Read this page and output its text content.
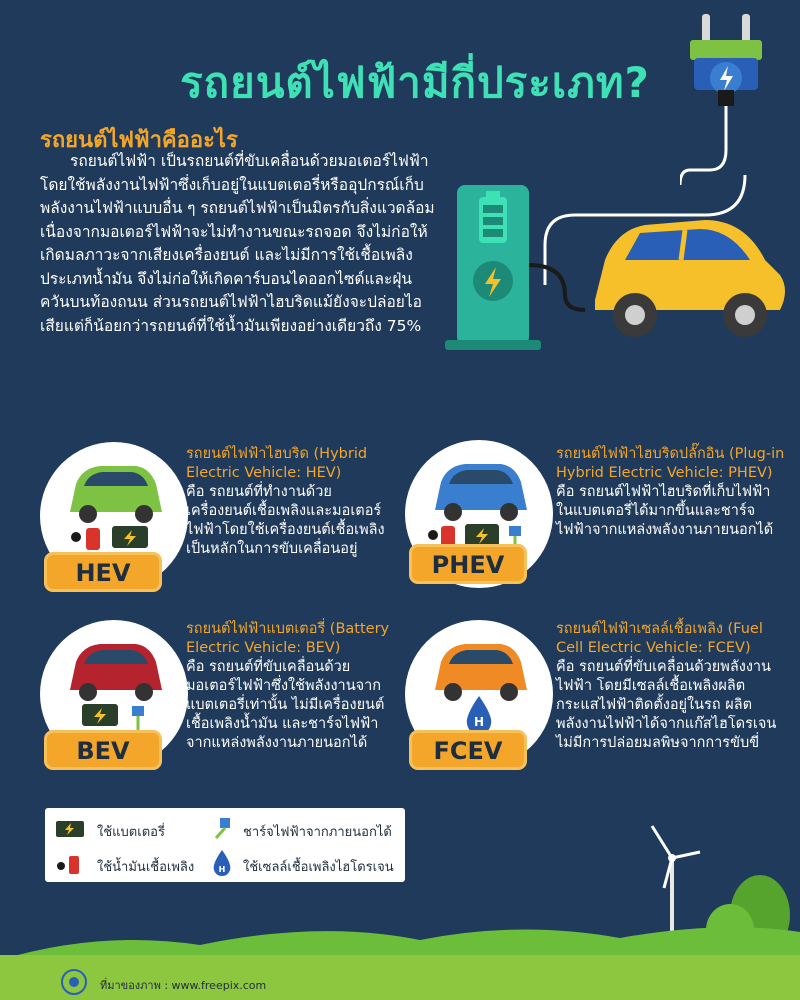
รถยนต์ไฟฟ้ามีกี่ประเภท?
รถยนต์ไฟฟ้าคืออะไร

รถยนต์ไฟฟ้า เป็นรถยนต์ที่ขับเคลื่อนด้วยมอเตอร์ไฟฟ้าโดยใช้พลังงานไฟฟ้าซึ่งเก็บอยู่ในแบตเตอรี่หรืออุปกรณ์เก็บพลังงานไฟฟ้าแบบอื่น ๆ รถยนต์ไฟฟ้าเป็นมิตรกับสิ่งแวดล้อม เนื่องจากมอเตอร์ไฟฟ้าจะไม่ทำงานขณะรถจอด จึงไม่ก่อให้เกิดมลภาวะจากเสียงเครื่องยนต์ และไม่มีการใช้เชื้อเพลิงประเภทน้ำมัน จึงไม่ก่อให้เกิดคาร์บอนไดออกไซด์และฝุ่นควันบนท้องถนน ส่วนรถยนต์ไฟฟ้าไฮบริดแม้ยังจะปล่อยไอเสียแต่ก็น้อยกว่ารถยนต์ที่ใช้น้ำมันเพียงอย่างเดียวถึง 75%

HEV
รถยนต์ไฟฟ้าไฮบริด (Hybrid Electric Vehicle: HEV)
คือ รถยนต์ที่ทำงานด้วยเครื่องยนต์เชื้อเพลิงและมอเตอร์ไฟฟ้าโดยใช้เครื่องยนต์เชื้อเพลิงเป็นหลักในการขับเคลื่อนอยู่
PHEV
รถยนต์ไฟฟ้าไฮบริดปลั๊กอิน (Plug-in Hybrid Electric Vehicle: PHEV)
คือ รถยนต์ไฟฟ้าไฮบริดที่เก็บไฟฟ้าในแบตเตอรี่ได้มากขึ้นและชาร์จไฟฟ้าจากแหล่งพลังงานภายนอกได้
BEV
รถยนต์ไฟฟ้าแบตเตอรี่ (Battery Electric Vehicle: BEV)
คือ รถยนต์ที่ขับเคลื่อนด้วยมอเตอร์ไฟฟ้าซึ่งใช้พลังงานจากแบตเตอรี่เท่านั้น ไม่มีเครื่องยนต์เชื้อเพลิงน้ำมัน และชาร์จไฟฟ้าจากแหล่งพลังงานภายนอกได้
H
FCEV
รถยนต์ไฟฟ้าเซลล์เชื้อเพลิง (Fuel Cell Electric Vehicle: FCEV)
คือ รถยนต์ที่ขับเคลื่อนด้วยพลังงานไฟฟ้า โดยมีเซลล์เชื้อเพลิงผลิตกระแสไฟฟ้าติดตั้งอยู่ในรถ ผลิตพลังงานไฟฟ้าได้จากแก๊สไฮโดรเจนไม่มีการปล่อยมลพิษจากการขับขี่
ใช้แบตเตอรี่	ชาร์จไฟฟ้าจากภายนอกได้
ใช้น้ำมันเชื้อเพลิง	H ใช้เซลล์เชื้อเพลิงไฮโดรเจน
ที่มาของภาพ : www.freepix.com
